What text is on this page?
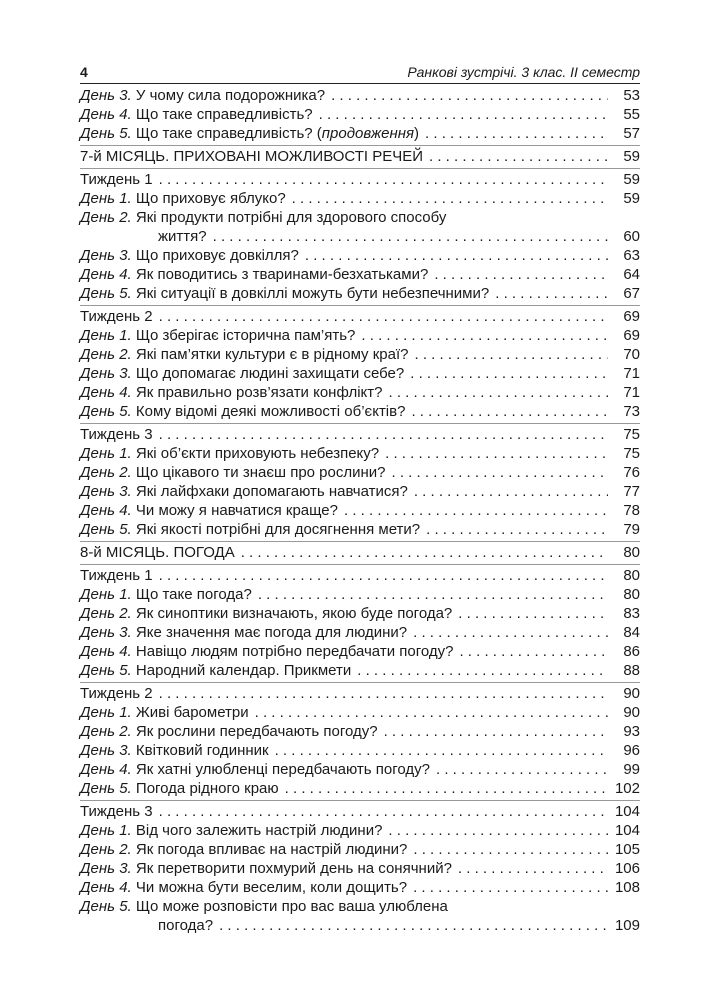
4	Ранкові зустрічі. 3 клас. ІІ семестр
День 3. У чому сила подорожника? . . .	53
День 4. Що таке справедливість? . . .	55
День 5. Що таке справедливість? (продовження) . . .	57
7-й МІСЯЦЬ. ПРИХОВАНІ МОЖЛИВОСТІ РЕЧЕЙ . . .	59
Тиждень 1 . . .	59
День 1. Що приховує яблуко? . . .	59
День 2. Які продукти потрібні для здорового способу
життя? . . .	60
День 3. Що приховує довкілля? . . .	63
День 4. Як поводитись з тваринами-безхатьками? . . .	64
День 5. Які ситуації в довкіллі можуть бути небезпечними? . . .	67
Тиждень 2 . . .	69
День 1. Що зберігає історична пам’ять? . . .	69
День 2. Які пам’ятки культури є в рідному краї? . . .	70
День 3. Що допомагає людині захищати себе? . . .	71
День 4. Як правильно розв’язати конфлікт? . . .	71
День 5. Кому відомі деякі можливості об’єктів? . . .	73
Тиждень 3 . . .	75
День 1. Які об’єкти приховують небезпеку? . . .	75
День 2. Що цікавого ти знаєш про рослини? . . .	76
День 3. Які лайфхаки допомагають навчатися? . . .	77
День 4. Чи можу я навчатися краще? . . .	78
День 5. Які якості потрібні для досягнення мети? . . .	79
8-й МІСЯЦЬ. ПОГОДА . . .	80
Тиждень 1 . . .	80
День 1. Що таке погода? . . .	80
День 2. Як синоптики визначають, якою буде погода? . . .	83
День 3. Яке значення має погода для людини? . . .	84
День 4. Навіщо людям потрібно передбачати погоду? . . .	86
День 5. Народний календар. Прикмети . . .	88
Тиждень 2 . . .	90
День 1. Живі барометри . . .	90
День 2. Як рослини передбачають погоду? . . .	93
День 3. Квітковий годинник . . .	96
День 4. Як хатні улюбленці передбачають погоду? . . .	99
День 5. Погода рідного краю . . .	102
Тиждень 3 . . .	104
День 1. Від чого залежить настрій людини? . . .	104
День 2. Як погода впливає на настрій людини? . . .	105
День 3. Як перетворити похмурий день на сонячний? . . .	106
День 4. Чи можна бути веселим, коли дощить? . . .	108
День 5. Що може розповісти про вас ваша улюблена
погода? . . .	109
